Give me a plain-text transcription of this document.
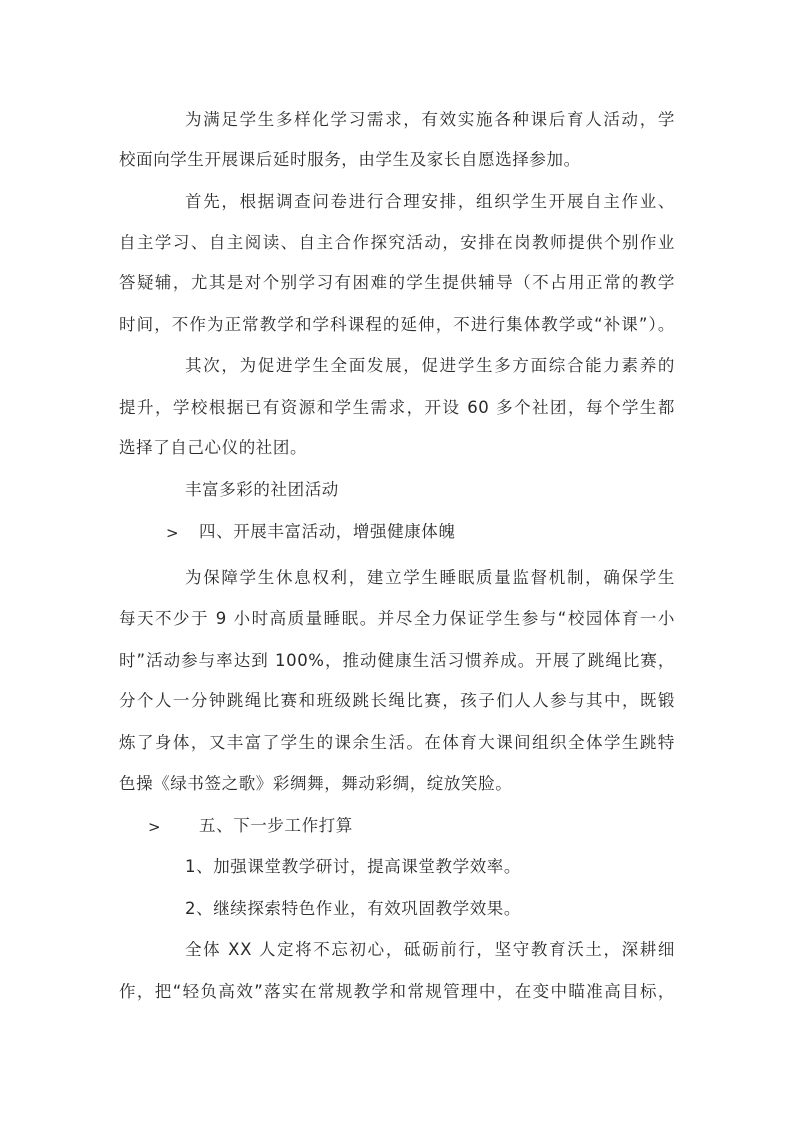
为满足学生多样化学习需求，有效实施各种课后育人活动，学
校面向学生开展课后延时服务，由学生及家长自愿选择参加。
首先，根据调查问卷进行合理安排，组织学生开展自主作业、
自主学习、自主阅读、自主合作探究活动，安排在岗教师提供个别作业
答疑辅，尤其是对个别学习有困难的学生提供辅导（不占用正常的教学
时间，不作为正常教学和学科课程的延伸，不进行集体教学或“补课”）。
其次，为促进学生全面发展，促进学生多方面综合能力素养的
提升，学校根据已有资源和学生需求，开设 60 多个社团，每个学生都
选择了自己心仪的社团。
丰富多彩的社团活动
> 四、开展丰富活动，增强健康体魄
为保障学生休息权利，建立学生睡眠质量监督机制，确保学生
每天不少于 9 小时高质量睡眠。并尽全力保证学生参与“校园体育一小
时”活动参与率达到 100%，推动健康生活习惯养成。开展了跳绳比赛，
分个人一分钟跳绳比赛和班级跳长绳比赛，孩子们人人参与其中，既锻
炼了身体，又丰富了学生的课余生活。在体育大课间组织全体学生跳特
色操《绿书签之歌》彩绸舞，舞动彩绸，绽放笑脸。
> 五、下一步工作打算
1、加强课堂教学研讨，提高课堂教学效率。
2、继续探索特色作业，有效巩固教学效果。
全体 XX 人定将不忘初心，砥砺前行，坚守教育沃土，深耕细
作，把“轻负高效”落实在常规教学和常规管理中，在变中瞄准高目标，
